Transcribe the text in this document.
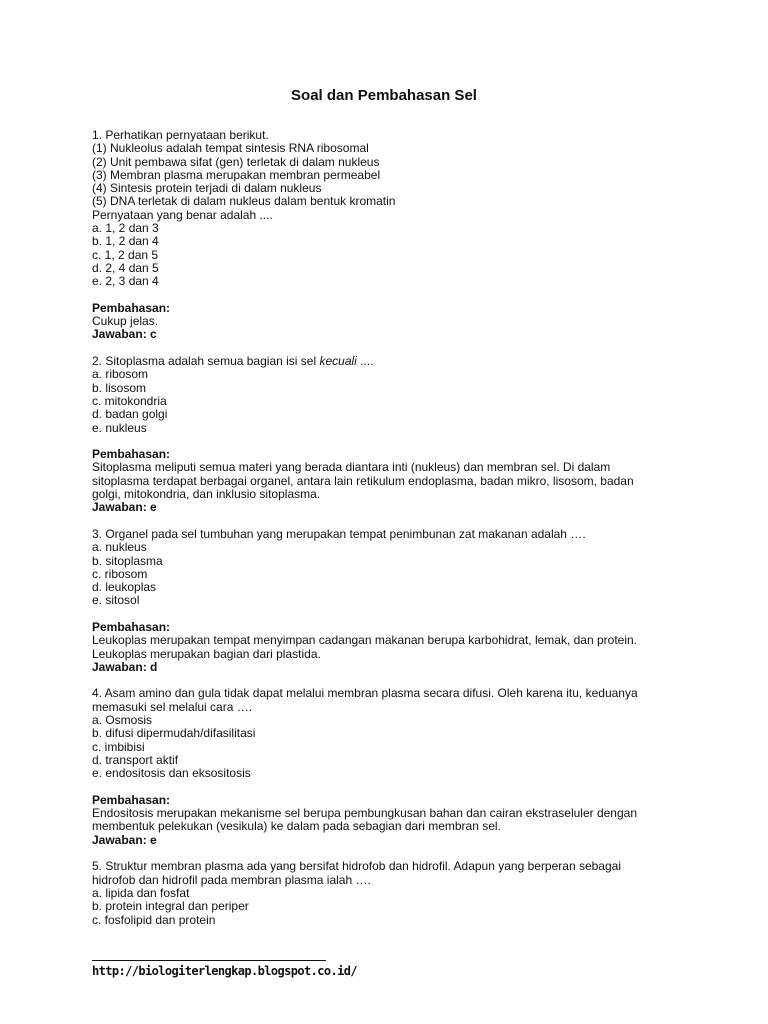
Soal dan Pembahasan Sel
1. Perhatikan pernyataan berikut.
(1) Nukleolus adalah tempat sintesis RNA ribosomal
(2) Unit pembawa sifat (gen) terletak di dalam nukleus
(3) Membran plasma merupakan membran permeabel
(4) Sintesis protein terjadi di dalam nukleus
(5) DNA terletak di dalam nukleus dalam bentuk kromatin
Pernyataan yang benar adalah ....
a. 1, 2 dan 3
b. 1, 2 dan 4
c. 1, 2 dan 5
d. 2, 4 dan 5
e. 2, 3 dan 4
Pembahasan:
Cukup jelas.
Jawaban: c
2. Sitoplasma adalah semua bagian isi sel kecuali ....
a. ribosom
b. lisosom
c. mitokondria
d. badan golgi
e. nukleus
Pembahasan:
Sitoplasma meliputi semua materi yang berada diantara inti (nukleus) dan membran sel. Di dalam
sitoplasma terdapat berbagai organel, antara lain retikulum endoplasma, badan mikro, lisosom, badan
golgi, mitokondria, dan inklusio sitoplasma.
Jawaban: e
3. Organel pada sel tumbuhan yang merupakan tempat penimbunan zat makanan adalah ….
a. nukleus
b. sitoplasma
c. ribosom
d. leukoplas
e. sitosol
Pembahasan:
Leukoplas merupakan tempat menyimpan cadangan makanan berupa karbohidrat, lemak, dan protein.
Leukoplas merupakan bagian dari plastida.
Jawaban: d
4. Asam amino dan gula tidak dapat melalui membran plasma secara difusi. Oleh karena itu, keduanya
memasuki sel melalui cara ….
a. Osmosis
b. difusi dipermudah/difasilitasi
c. imbibisi
d. transport aktif
e. endositosis dan eksositosis
Pembahasan:
Endositosis merupakan mekanisme sel berupa pembungkusan bahan dan cairan ekstraseluler dengan
membentuk pelekukan (vesikula) ke dalam pada sebagian dari membran sel.
Jawaban: e
5. Struktur membran plasma ada yang bersifat hidrofob dan hidrofil. Adapun yang berperan sebagai
hidrofob dan hidrofil pada membran plasma ialah ….
a. lipida dan fosfat
b. protein integral dan periper
c. fosfolipid dan protein
http://biologiterlengkap.blogspot.co.id/
